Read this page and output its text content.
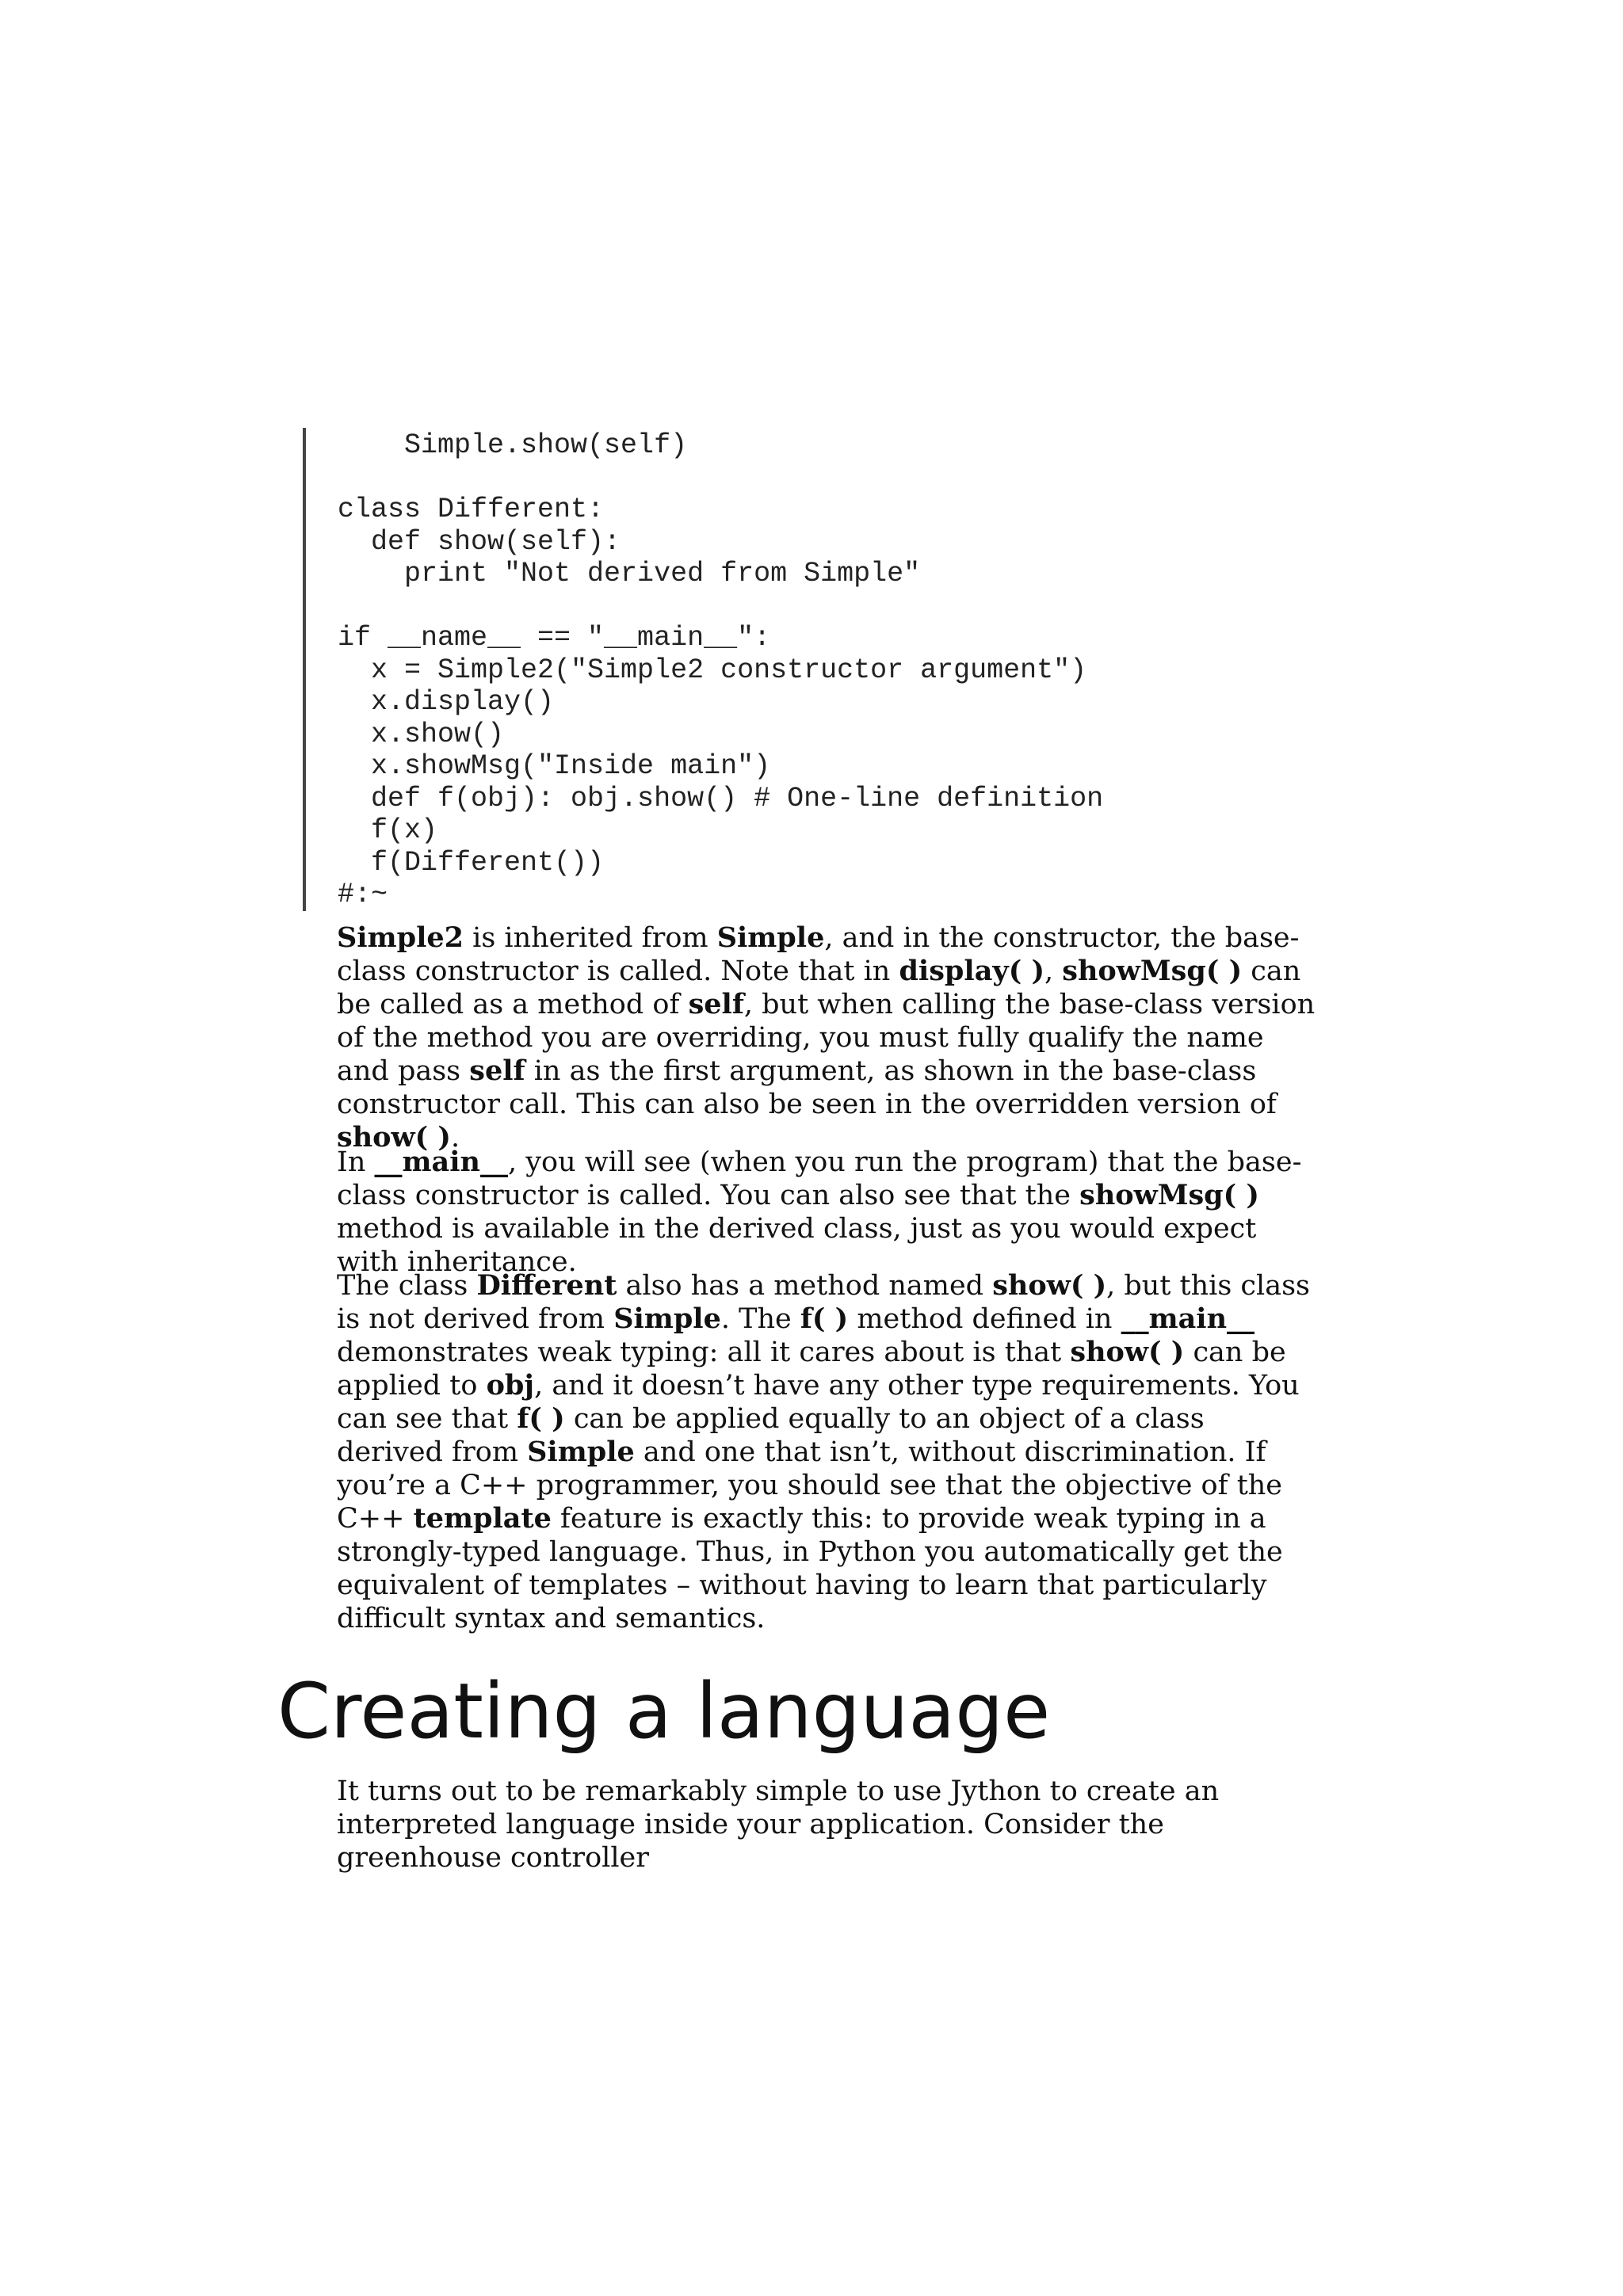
Simple.show(self)

class Different:
def show(self):
print "Not derived from Simple"

if __name__ == "__main__":
x = Simple2("Simple2 constructor argument")
x.display()
x.show()
x.showMsg("Inside main")
def f(obj): obj.show() # One-line definition
f(x)
f(Different())
#:~

Simple2 is inherited from Simple, and in the constructor, the base-class constructor is called. Note that in display( ), showMsg( ) can be called as a method of self, but when calling the base-class version of the method you are overriding, you must fully qualify the name and pass self in as the first argument, as shown in the base-class constructor call. This can also be seen in the overridden version of show( ).

In __main__, you will see (when you run the program) that the base-class constructor is called. You can also see that the showMsg( ) method is available in the derived class, just as you would expect with inheritance.

The class Different also has a method named show( ), but this class is not derived from Simple. The f( ) method defined in __main__ demonstrates weak typing: all it cares about is that show( ) can be applied to obj, and it doesn’t have any other type requirements. You can see that f( ) can be applied equally to an object of a class derived from Simple and one that isn’t, without discrimination. If you’re a C++ programmer, you should see that the objective of the C++ template feature is exactly this: to provide weak typing in a strongly-typed language. Thus, in Python you automatically get the equivalent of templates – without having to learn that particularly difficult syntax and semantics.

Creating a language

It turns out to be remarkably simple to use Jython to create an interpreted language inside your application. Consider the greenhouse controller
